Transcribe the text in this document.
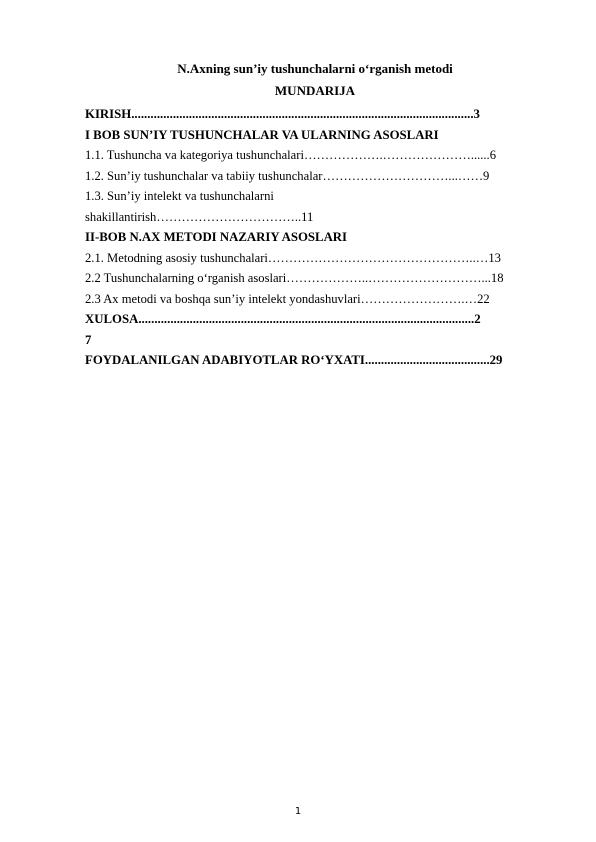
N.Axning sun’iy tushunchalarni o‘rganish metodi
MUNDARIJA
KIRISH...........................................................................................................3
I BOB SUN’IY TUSHUNCHALAR VA ULARNING ASOSLARI
1.1. Tushuncha va kategoriya tushunchalari……………….…………………......6
1.2. Sun’iy tushunchalar va tabiiy tushunchalar…………………………...……9
1.3. Sun’iy intelekt va tushunchalarni
shakillantirish……………………………..11
II-BOB N.AX METODI NAZARIY ASOSLARI
2.1. Metodning asosiy tushunchalari…………………………………………..…13
2.2 Tushunchalarning o‘rganish asoslari………………..………………………...18
2.3 Ax metodi va boshqa sun’iy intelekt yondashuvlari…………………….…22
XULOSA.........................................................................................................2
7
FOYDALANILGAN ADABIYOTLAR RO‘YXATI.......................................29
1
